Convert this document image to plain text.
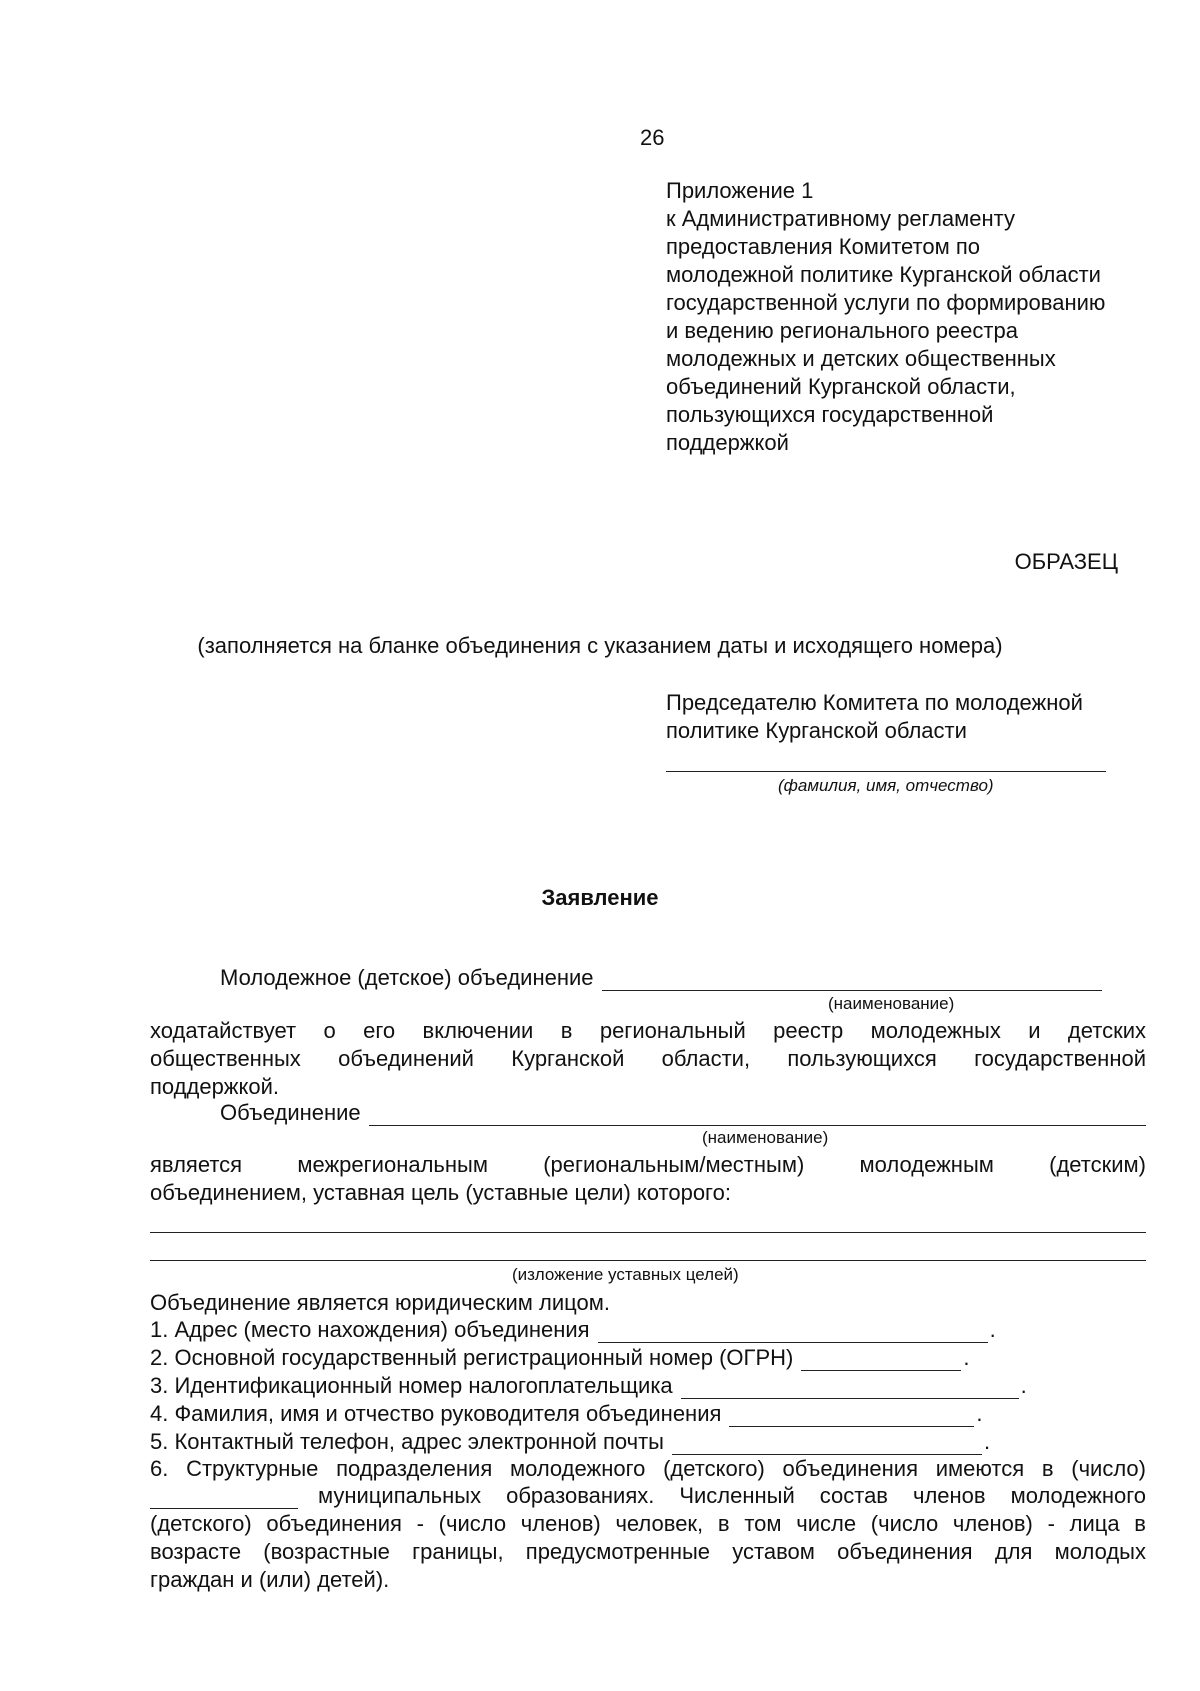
26
Приложение 1
к Административному регламенту
предоставления Комитетом по
молодежной политике Курганской области
государственной услуги по формированию
и ведению регионального реестра
молодежных и детских общественных
объединений Курганской области,
пользующихся государственной
поддержкой
ОБРАЗЕЦ
(заполняется на бланке объединения с указанием даты и исходящего номера)
Председателю Комитета по молодежной
политике Курганской области
(фамилия, имя, отчество)
Заявление
Молодежное (детское) объединение
(наименование)
ходатайствует о его включении в региональный реестр молодежных и детских
общественных объединений Курганской области, пользующихся государственной
поддержкой.
Объединение
(наименование)
является межрегиональным (региональным/местным) молодежным (детским)
объединением, уставная цель (уставные цели) которого:
(изложение уставных целей)
Объединение является юридическим лицом.
1. Адрес (место нахождения) объединения	.
2. Основной государственный регистрационный номер (ОГРН)	.
3. Идентификационный номер налогоплательщика	.
4. Фамилия, имя и отчество руководителя объединения	.
5. Контактный телефон, адрес электронной почты	.
6. Структурные подразделения молодежного (детского) объединения имеются в (число)
муниципальных образованиях. Численный состав членов молодежного
(детского) объединения - (число членов) человек, в том числе (число членов) - лица в
возрасте (возрастные границы, предусмотренные уставом объединения для молодых
граждан и (или) детей).
